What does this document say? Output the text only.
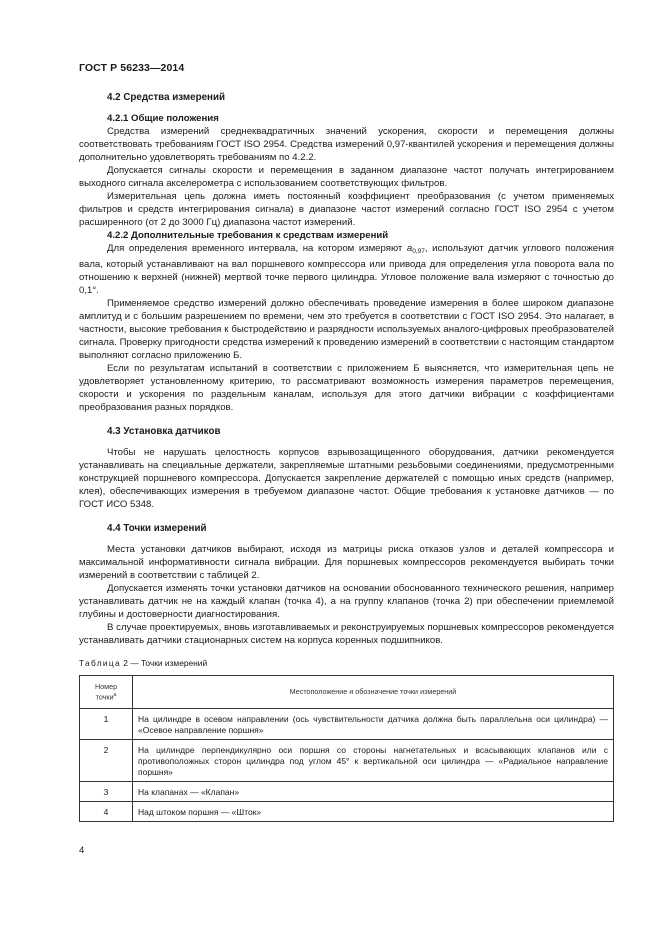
ГОСТ Р 56233—2014
4.2 Средства измерений
4.2.1 Общие положения

Средства измерений среднеквадратичных значений ускорения, скорости и перемещения должны соответствовать требованиям ГОСТ ISO 2954. Средства измерений 0,97-квантилей ускорения и перемещения должны дополнительно удовлетворять требованиям по 4.2.2.

Допускается сигналы скорости и перемещения в заданном диапазоне частот получать интегрированием выходного сигнала акселерометра с использованием соответствующих фильтров.

Измерительная цепь должна иметь постоянный коэффициент преобразования (с учетом применяемых фильтров и средств интегрирования сигнала) в диапазоне частот измерений согласно ГОСТ ISO 2954 с учетом расширенного (от 2 до 3000 Гц) диапазона частот измерений.

4.2.2 Дополнительные требования к средствам измерений

Для определения временного интервала, на котором измеряют $a_{0,97}$, используют датчик углового положения вала, который устанавливают на вал поршневого компрессора или привода для определения угла поворота вала по отношению к верхней (нижней) мертвой точке первого цилиндра. Угловое положение вала измеряют с точностью до 0,1°.

Применяемое средство измерений должно обеспечивать проведение измерения в более широком диапазоне амплитуд и с большим разрешением по времени, чем это требуется в соответствии с ГОСТ ISO 2954. Это налагает, в частности, высокие требования к быстродействию и разрядности используемых аналого-цифровых преобразователей сигнала. Проверку пригодности средства измерений к проведению измерений в соответствии с настоящим стандартом выполняют согласно приложению Б.

Если по результатам испытаний в соответствии с приложением Б выясняется, что измерительная цепь не удовлетворяет установленному критерию, то рассматривают возможность измерения параметров перемещения, скорости и ускорения по раздельным каналам, используя для этого датчики вибрации с коэффициентами преобразования разных порядков.

4.3 Установка датчиков

Чтобы не нарушать целостность корпусов взрывозащищенного оборудования, датчики рекомендуется устанавливать на специальные держатели, закрепляемые штатными резьбовыми соединениями, предусмотренными конструкцией поршневого компрессора. Допускается закрепление держателей с помощью иных средств (например, клея), обеспечивающих измерения в требуемом диапазоне частот. Общие требования к установке датчиков — по ГОСТ ИСО 5348.

4.4 Точки измерений

Места установки датчиков выбирают, исходя из матрицы риска отказов узлов и деталей компрессора и максимальной информативности сигнала вибрации. Для поршневых компрессоров рекомендуется выбирать точки измерений в соответствии с таблицей 2.

Допускается изменять точки установки датчиков на основании обоснованного технического решения, например устанавливать датчик не на каждый клапан (точка 4), а на группу клапанов (точка 2) при обеспечении приемлемой глубины и достоверности диагностирования.

В случае проектируемых, вновь изготавливаемых и реконструируемых поршневых компрессоров рекомендуется устанавливать датчики стационарных систем на корпуса коренных подшипников.

Таблица 2 — Точки измерений
Номер точки$^а$	Местоположение и обозначение точки измерений
1	На цилиндре в осевом направлении (ось чувствительности датчика должна быть параллельна оси цилиндра) — «Осевое направление поршня»
2	На цилиндре перпендикулярно оси поршня со стороны нагнетательных и всасывающих клапанов или с противоположных сторон цилиндра под углом 45° к вертикальной оси цилиндра — «Радиальное направление поршня»
3	На клапанах — «Клапан»
4	Над штоком поршня — «Шток»
4
